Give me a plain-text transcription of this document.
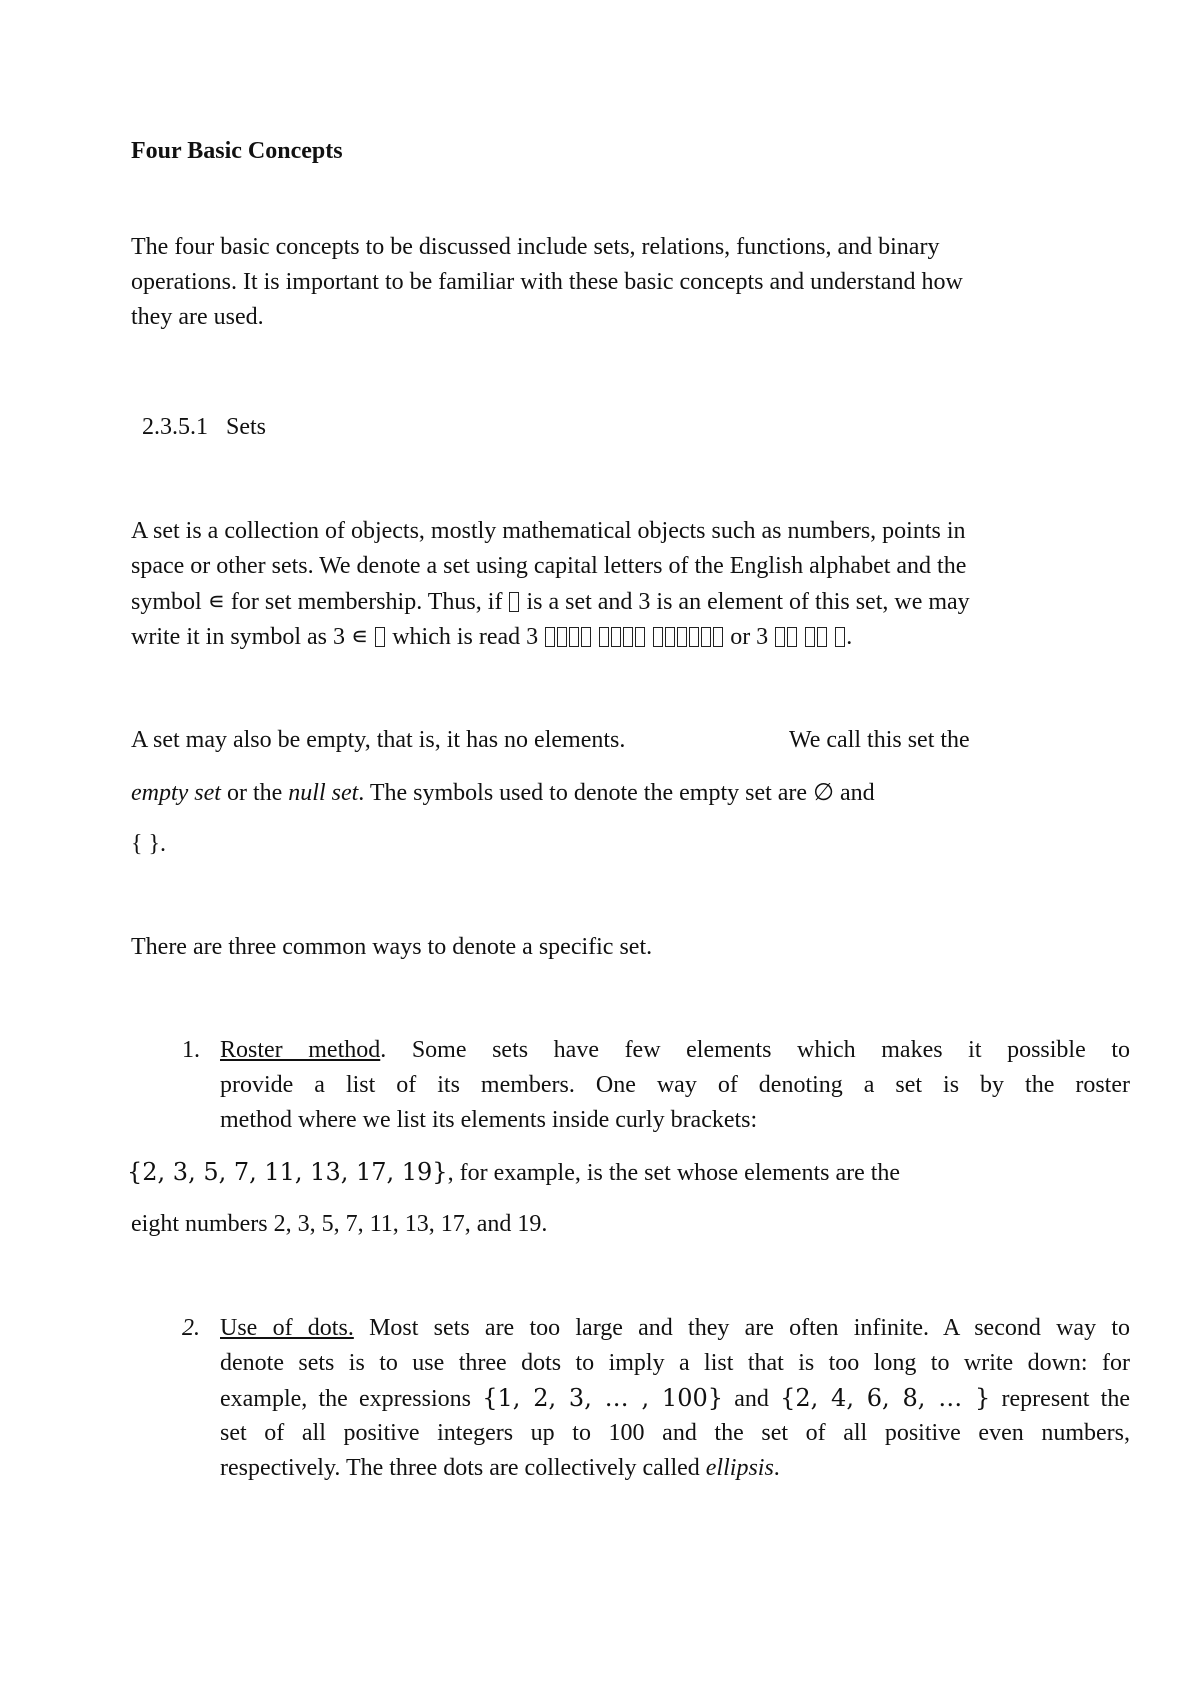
Four Basic Concepts

The four basic concepts to be discussed include sets, relations, functions, and binary

operations. It is important to be familiar with these basic concepts and understand how

they are used.

2.3.5.1 Sets

A set is a collection of objects, mostly mathematical objects such as numbers, points in

space or other sets. We denote a set using capital letters of the English alphabet and the

symbol ∊ for set membership. Thus, if  is a set and 3 is an element of this set, we may

write it in symbol as 3 ∊  which is read 3	or 3	.

A set may also be empty, that is, it has no elements.	We call this set the

empty set or the null set. The symbols used to denote the empty set are ∅ and

{ }.

There are three common ways to denote a specific set.

1. Roster method. Some sets have few elements which makes it possible to

provide a list of its members. One way of denoting a set is by the roster

method where we list its elements inside curly brackets:

{2, 3, 5, 7, 11, 13, 17, 19}, for example, is the set whose elements are the

eight numbers 2, 3, 5, 7, 11, 13, 17, and 19.

2. Use of dots. Most sets are too large and they are often infinite. A second way to

denote sets is to use three dots to imply a list that is too long to write down: for

example, the expressions {1, 2, 3, … , 100} and {2, 4, 6, 8, … } represent the

set of all positive integers up to 100 and the set of all positive even numbers,

respectively. The three dots are collectively called ellipsis.
